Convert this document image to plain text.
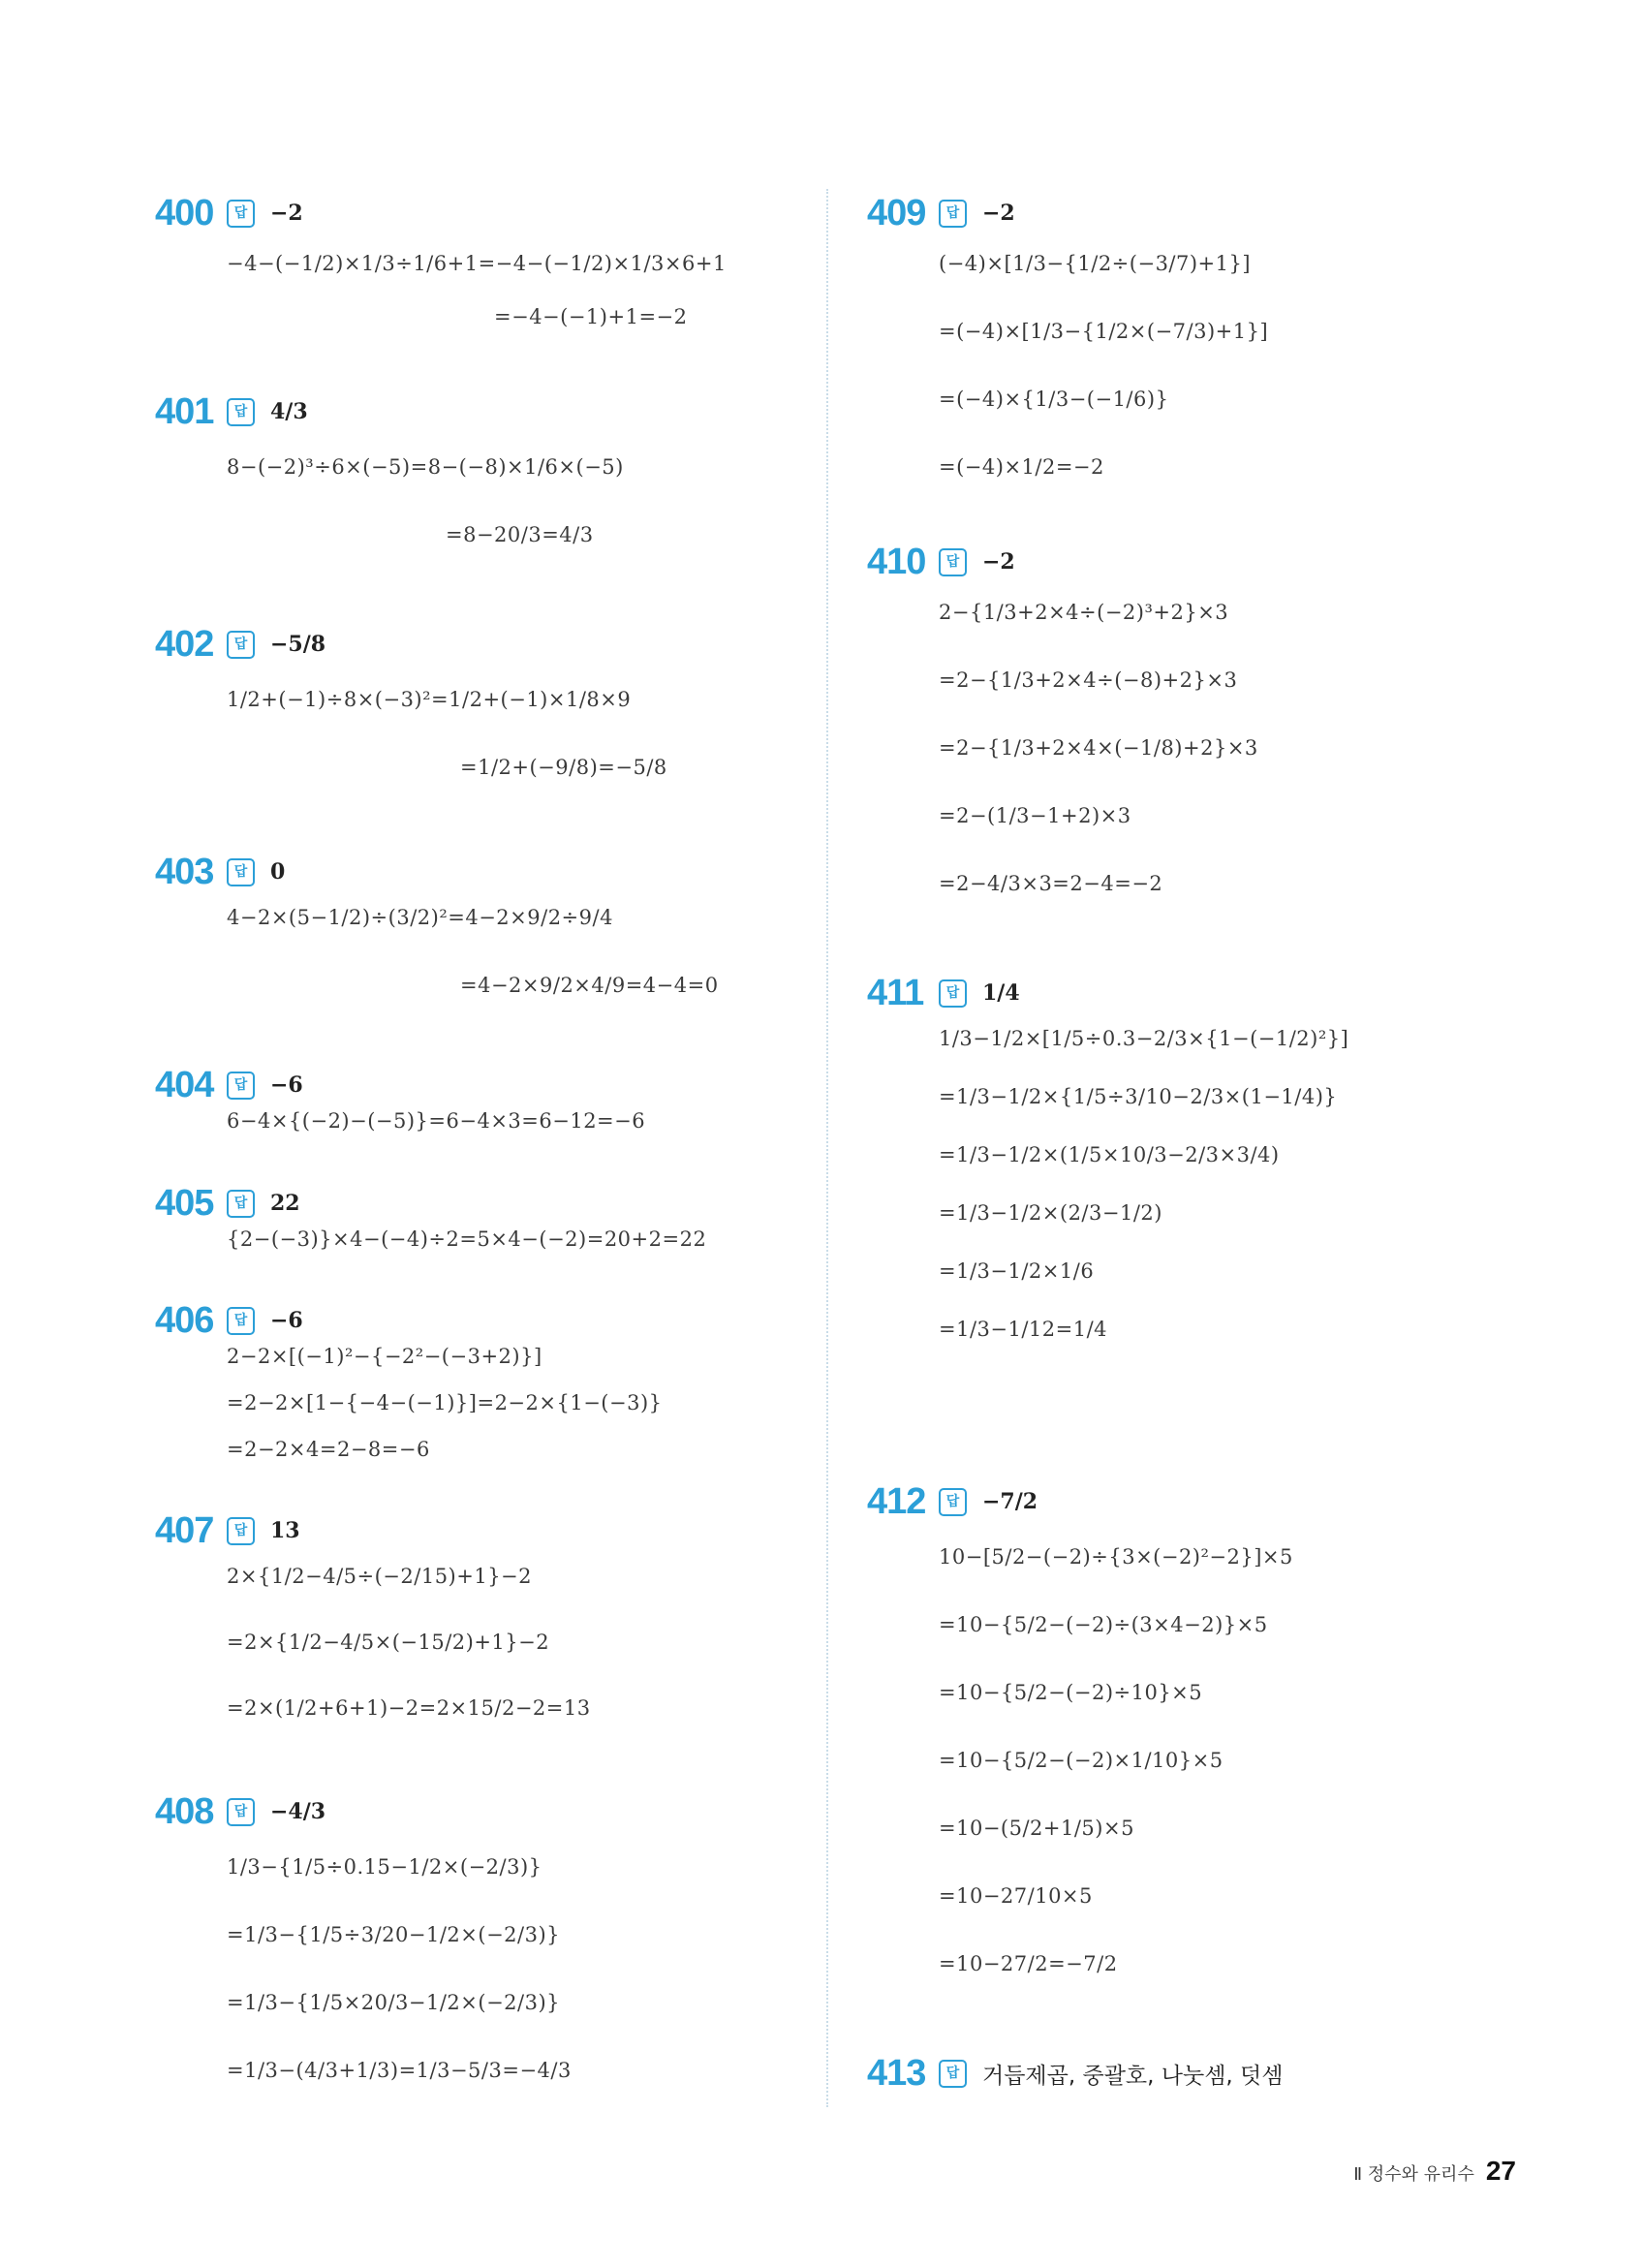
400	답	−2
−4−(−1/2)×1/3÷1/6+1=−4−(−1/2)×1/3×6+1
=−4−(−1)+1=−2
401	답	4/3
8−(−2)³÷6×(−5)=8−(−8)×1/6×(−5)
=8−20/3=4/3
402	답	−5/8
1/2+(−1)÷8×(−3)²=1/2+(−1)×1/8×9
=1/2+(−9/8)=−5/8
403	답	0
4−2×(5−1/2)÷(3/2)²=4−2×9/2÷9/4
=4−2×9/2×4/9=4−4=0
404	답	−6
6−4×{(−2)−(−5)}=6−4×3=6−12=−6
405	답	22
{2−(−3)}×4−(−4)÷2=5×4−(−2)=20+2=22
406	답	−6
2−2×[(−1)²−{−2²−(−3+2)}]
=2−2×[1−{−4−(−1)}]=2−2×{1−(−3)}
=2−2×4=2−8=−6
407	답	13
2×{1/2−4/5÷(−2/15)+1}−2
=2×{1/2−4/5×(−15/2)+1}−2
=2×(1/2+6+1)−2=2×15/2−2=13
408	답	−4/3
1/3−{1/5÷0.15−1/2×(−2/3)}
=1/3−{1/5÷3/20−1/2×(−2/3)}
=1/3−{1/5×20/3−1/2×(−2/3)}
=1/3−(4/3+1/3)=1/3−5/3=−4/3
409	답	−2
(−4)×[1/3−{1/2÷(−3/7)+1}]
=(−4)×[1/3−{1/2×(−7/3)+1}]
=(−4)×{1/3−(−1/6)}
=(−4)×1/2=−2
410	답	−2
2−{1/3+2×4÷(−2)³+2}×3
=2−{1/3+2×4÷(−8)+2}×3
=2−{1/3+2×4×(−1/8)+2}×3
=2−(1/3−1+2)×3
=2−4/3×3=2−4=−2
411	답	1/4
1/3−1/2×[1/5÷0.3−2/3×{1−(−1/2)²}]
=1/3−1/2×{1/5÷3/10−2/3×(1−1/4)}
=1/3−1/2×(1/5×10/3−2/3×3/4)
=1/3−1/2×(2/3−1/2)
=1/3−1/2×1/6
=1/3−1/12=1/4
412	답	−7/2
10−[5/2−(−2)÷{3×(−2)²−2}]×5
=10−{5/2−(−2)÷(3×4−2)}×5
=10−{5/2−(−2)÷10}×5
=10−{5/2−(−2)×1/10}×5
=10−(5/2+1/5)×5
=10−27/10×5
=10−27/2=−7/2
413	답	거듭제곱, 중괄호, 나눗셈, 덧셈
Ⅱ 정수와 유리수 27
